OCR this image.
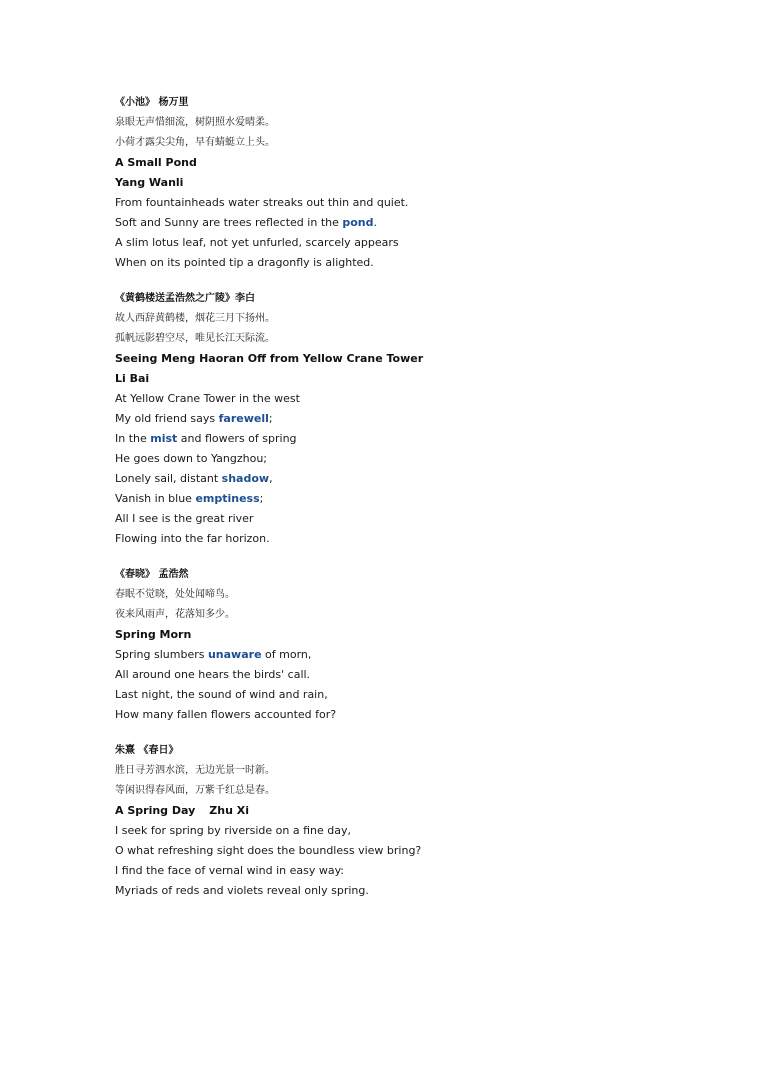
《小池》 杨万里
泉眼无声惜细流，树阴照水爱晴柔。
小荷才露尖尖角，早有蜻蜓立上头。
A Small Pond
Yang Wanli
From fountainheads water streaks out thin and quiet.
Soft and Sunny are trees reflected in the pond.
A slim lotus leaf, not yet unfurled, scarcely appears
When on its pointed tip a dragonfly is alighted.
《黄鹤楼送孟浩然之广陵》李白
故人西辞黄鹤楼，烟花三月下扬州。
孤帆远影碧空尽，唯见长江天际流。
Seeing Meng Haoran Off from Yellow Crane Tower
Li Bai
At Yellow Crane Tower in the west
My old friend says farewell;
In the mist and flowers of spring
He goes down to Yangzhou;
Lonely sail, distant shadow,
Vanish in blue emptiness;
All I see is the great river
Flowing into the far horizon.
《春晓》 孟浩然
春眠不觉晓，处处闻啼鸟。
夜来风雨声，花落知多少。
Spring Morn
Spring slumbers unaware of morn,
All around one hears the birds' call.
Last night, the sound of wind and rain,
How many fallen flowers accounted for?
朱熹 《春日》
胜日寻芳泗水滨，无边光景一时新。
等闲识得春风面，万紫千红总是春。
A Spring Day Zhu Xi
I seek for spring by riverside on a fine day,
O what refreshing sight does the boundless view bring?
I find the face of vernal wind in easy way:
Myriads of reds and violets reveal only spring.
